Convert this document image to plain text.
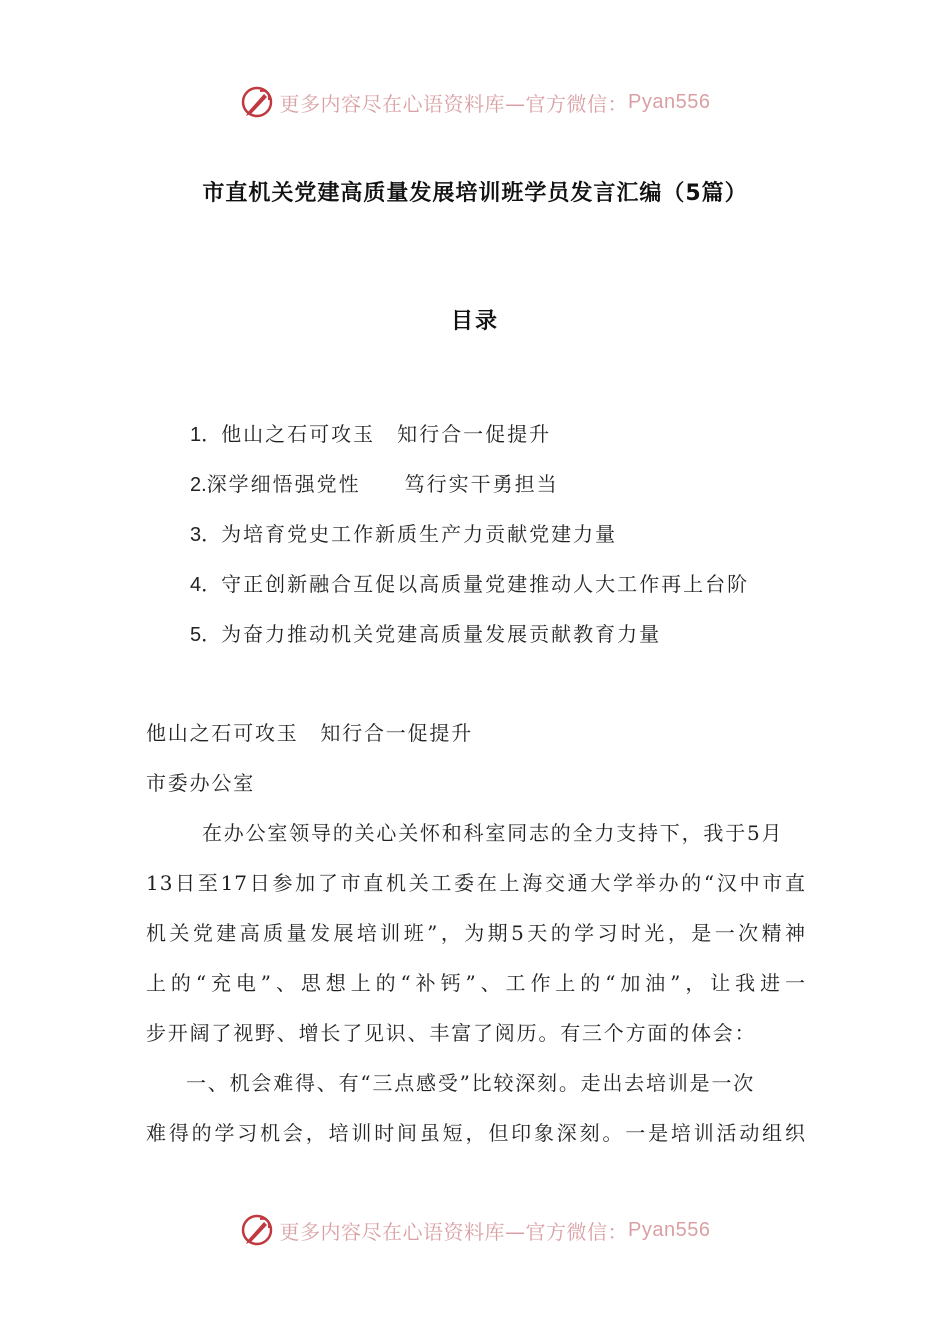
更多内容尽在心语资料库—官方微信： Pyan556
市直机关党建高质量发展培训班学员发言汇编（5篇）
目录
1．他山之石可攻玉　知行合一促提升
2.深学细悟强党性　　笃行实干勇担当
3．为培育党史工作新质生产力贡献党建力量
4．守正创新融合互促以高质量党建推动人大工作再上台阶
5．为奋力推动机关党建高质量发展贡献教育力量
他山之石可攻玉　知行合一促提升
市委办公室
在办公室领导的关心关怀和科室同志的全力支持下，我于5月
13日至17日参加了市直机关工委在上海交通大学举办的“汉中市直
机关党建高质量发展培训班”，为期5天的学习时光，是一次精神
上的“充电”、思想上的“补钙”、工作上的“加油”，让我进一
步开阔了视野、增长了见识、丰富了阅历。有三个方面的体会：
一、机会难得、有“三点感受”比较深刻。走出去培训是一次
难得的学习机会，培训时间虽短，但印象深刻。一是培训活动组织
更多内容尽在心语资料库—官方微信： Pyan556
